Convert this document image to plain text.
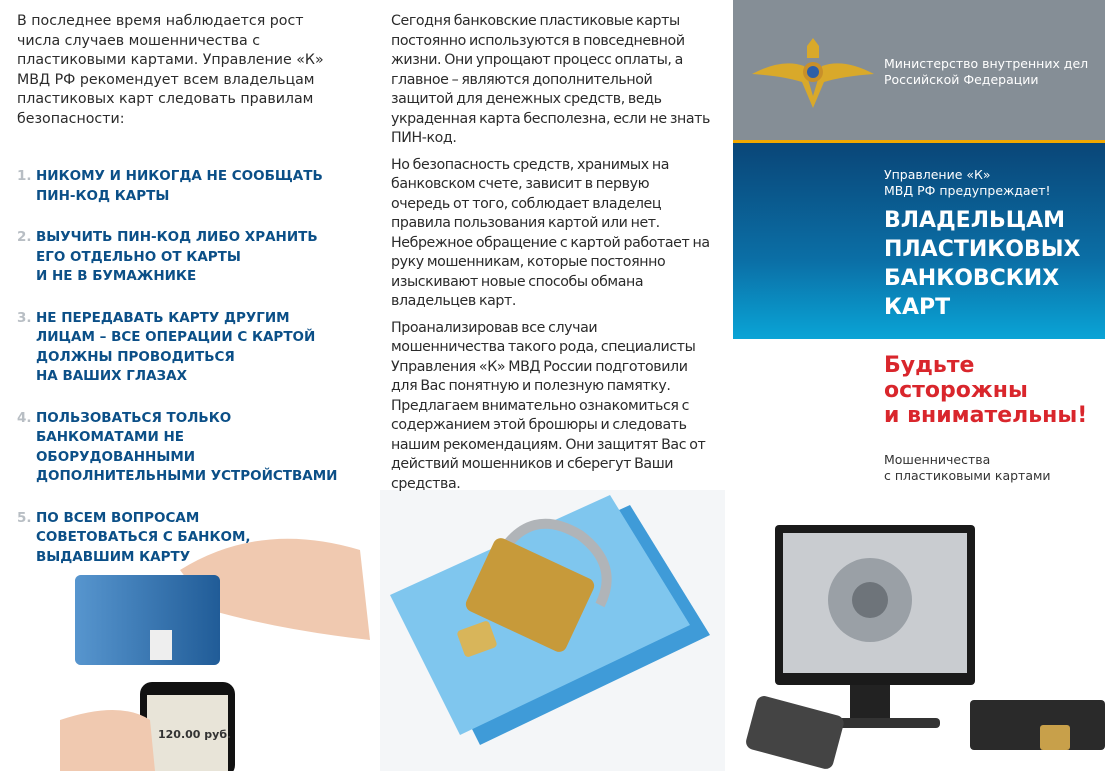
В последнее время наблюдается рост числа случаев мошенничества с пластиковыми картами. Управление «К» МВД РФ рекомендует всем владельцам пластиковых карт следовать правилам безопасности:

1. НИКОМУ И НИКОГДА НЕ СООБЩАТЬ
ПИН-КОД КАРТЫ
2. ВЫУЧИТЬ ПИН-КОД ЛИБО ХРАНИТЬ
ЕГО ОТДЕЛЬНО ОТ КАРТЫ
И НЕ В БУМАЖНИКЕ
3. НЕ ПЕРЕДАВАТЬ КАРТУ ДРУГИМ
ЛИЦАМ – ВСЕ ОПЕРАЦИИ С КАРТОЙ
ДОЛЖНЫ ПРОВОДИТЬСЯ
НА ВАШИХ ГЛАЗАХ
4. ПОЛЬЗОВАТЬСЯ ТОЛЬКО
БАНКОМАТАМИ НЕ ОБОРУДОВАННЫМИ
ДОПОЛНИТЕЛЬНЫМИ УСТРОЙСТВАМИ
5. ПО ВСЕМ ВОПРОСАМ
СОВЕТОВАТЬСЯ С БАНКОМ,
ВЫДАВШИМ КАРТУ
120.00 руб.

Сегодня банковские пластиковые карты постоянно используются в повседневной жизни. Они упрощают процесс оплаты, а главное – являются дополнительной защитой для денежных средств, ведь украденная карта бесполезна, если не знать ПИН-код.

Но безопасность средств, хранимых на банковском счете, зависит в первую очередь от того, соблюдает владелец правила пользования картой или нет. Небрежное обращение с картой работает на руку мошенникам, которые постоянно изыскивают новые способы обмана владельцев карт.

Проанализировав все случаи мошенничества такого рода, специалисты Управления «К» МВД России подготовили для Вас понятную и полезную памятку. Предлагаем внимательно ознакомиться с содержанием этой брошюры и следовать нашим рекомендациям. Они защитят Вас от действий мошенников и сберегут Ваши средства.

Министерство внутренних дел
Российской Федерации
Управление «К»
МВД РФ предупреждает!
ВЛАДЕЛЬЦАМ
ПЛАСТИКОВЫХ
БАНКОВСКИХ
КАРТ
Будьте
осторожны
и внимательны!
Мошенничества
с пластиковыми картами
